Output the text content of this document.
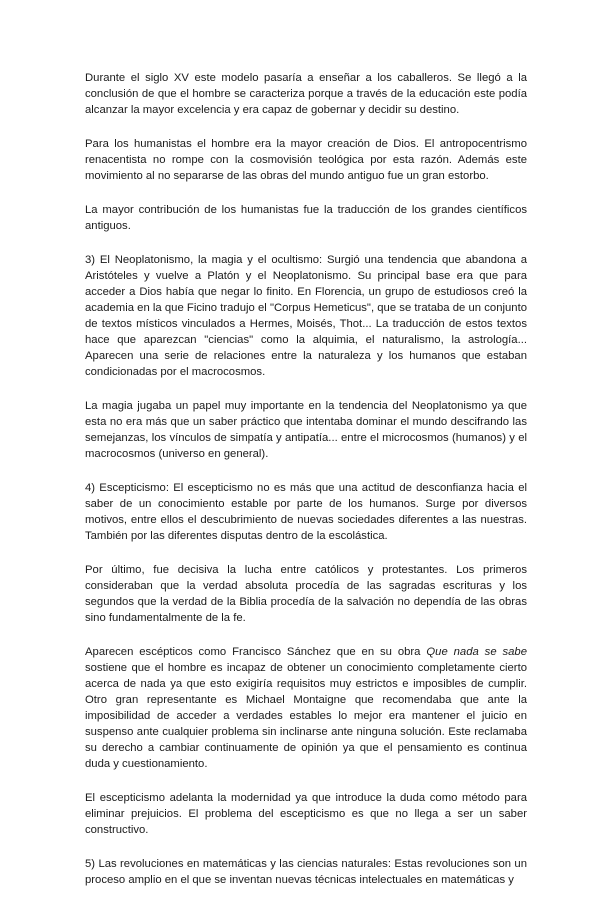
Durante el siglo XV este modelo pasaría a enseñar a los caballeros. Se llegó a la conclusión de que el hombre se caracteriza porque a través de la educación este podía alcanzar la mayor excelencia y era capaz de gobernar y decidir su destino.

Para los humanistas el hombre era la mayor creación de Dios. El antropocentrismo renacentista no rompe con la cosmovisión teológica por esta razón. Además este movimiento al no separarse de las obras del mundo antiguo fue un gran estorbo.

La mayor contribución de los humanistas fue la traducción de los grandes científicos antiguos.

3) El Neoplatonismo, la magia y el ocultismo: Surgió una tendencia que abandona a Aristóteles y vuelve a Platón y el Neoplatonismo. Su principal base era que para acceder a Dios había que negar lo finito. En Florencia, un grupo de estudiosos creó la academia en la que Ficino tradujo el "Corpus Hemeticus", que se trataba de un conjunto de textos místicos vinculados a Hermes, Moisés, Thot... La traducción de estos textos hace que aparezcan "ciencias" como la alquimia, el naturalismo, la astrología... Aparecen una serie de relaciones entre la naturaleza y los humanos que estaban condicionadas por el macrocosmos.

La magia jugaba un papel muy importante en la tendencia del Neoplatonismo ya que esta no era más que un saber práctico que intentaba dominar el mundo descifrando las semejanzas, los vínculos de simpatía y antipatía... entre el microcosmos (humanos) y el macrocosmos (universo en general).

4) Escepticismo: El escepticismo no es más que una actitud de desconfianza hacia el saber de un conocimiento estable por parte de los humanos. Surge por diversos motivos, entre ellos el descubrimiento de nuevas sociedades diferentes a las nuestras. También por las diferentes disputas dentro de la escolástica.

Por último, fue decisiva la lucha entre católicos y protestantes. Los primeros consideraban que la verdad absoluta procedía de las sagradas escrituras y los segundos que la verdad de la Biblia procedía de la salvación no dependía de las obras sino fundamentalmente de la fe.

Aparecen escépticos como Francisco Sánchez que en su obra Que nada se sabe sostiene que el hombre es incapaz de obtener un conocimiento completamente cierto acerca de nada ya que esto exigiría requisitos muy estrictos e imposibles de cumplir. Otro gran representante es Michael Montaigne que recomendaba que ante la imposibilidad de acceder a verdades estables lo mejor era mantener el juicio en suspenso ante cualquier problema sin inclinarse ante ninguna solución. Este reclamaba su derecho a cambiar continuamente de opinión ya que el pensamiento es continua duda y cuestionamiento.

El escepticismo adelanta la modernidad ya que introduce la duda como método para eliminar prejuicios. El problema del escepticismo es que no llega a ser un saber constructivo.

5) Las revoluciones en matemáticas y las ciencias naturales: Estas revoluciones son un proceso amplio en el que se inventan nuevas técnicas intelectuales en matemáticas y
